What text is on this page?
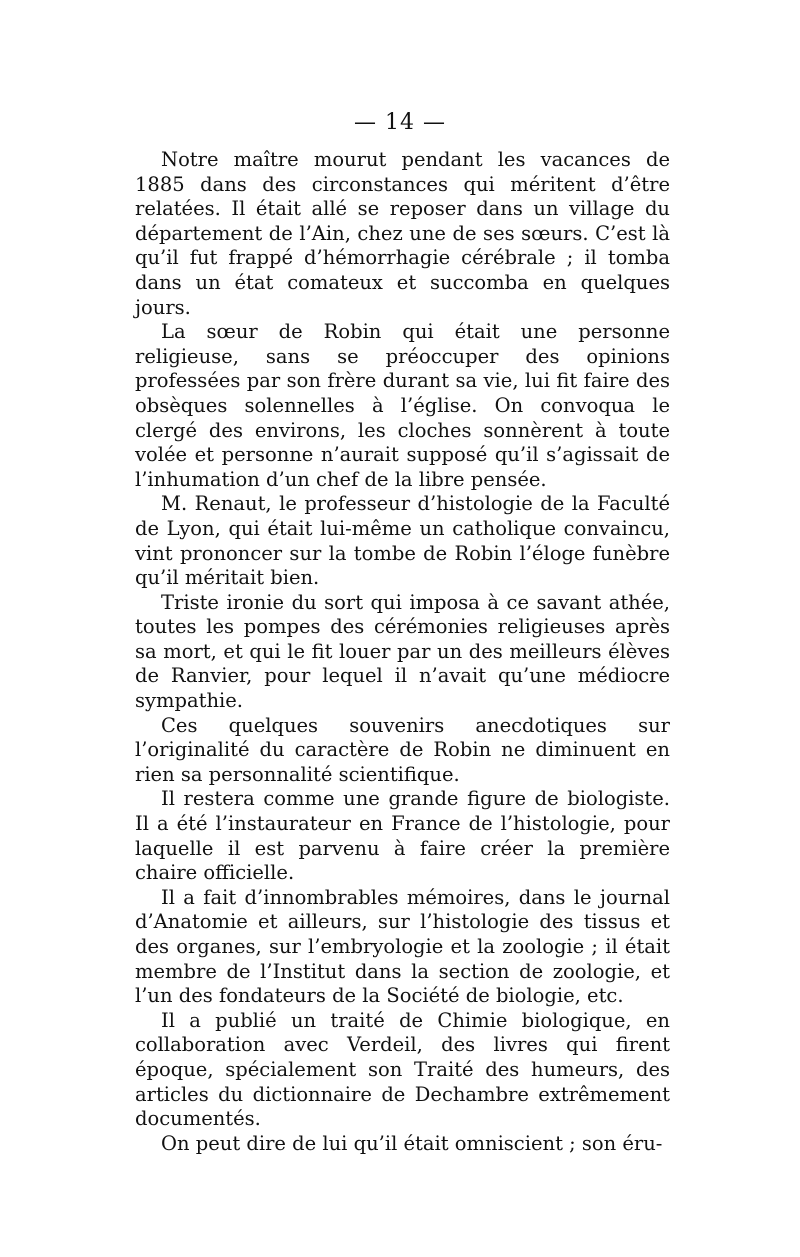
— 14 —

Notre maître mourut pendant les vacances de 1885 dans des circonstances qui méritent d’être relatées. Il était allé se reposer dans un village du département de l’Ain, chez une de ses sœurs. C’est là qu’il fut frappé d’hémorrhagie cérébrale ; il tomba dans un état comateux et succomba en quelques jours.

La sœur de Robin qui était une personne religieuse, sans se préoccuper des opinions professées par son frère durant sa vie, lui fit faire des obsèques solennelles à l’église. On convoqua le clergé des environs, les cloches sonnèrent à toute volée et personne n’aurait supposé qu’il s’agissait de l’inhumation d’un chef de la libre pensée.

M. Renaut, le professeur d’histologie de la Faculté de Lyon, qui était lui-même un catholique convaincu, vint prononcer sur la tombe de Robin l’éloge funèbre qu’il méritait bien.

Triste ironie du sort qui imposa à ce savant athée, toutes les pompes des cérémonies religieuses après sa mort, et qui le fit louer par un des meilleurs élèves de Ranvier, pour lequel il n’avait qu’une médiocre sympathie.

Ces quelques souvenirs anecdotiques sur l’originalité du caractère de Robin ne diminuent en rien sa personnalité scientifique.

Il restera comme une grande figure de biologiste. Il a été l’instaurateur en France de l’histologie, pour laquelle il est parvenu à faire créer la première chaire officielle.

Il a fait d’innombrables mémoires, dans le journal d’Anatomie et ailleurs, sur l’histologie des tissus et des organes, sur l’embryologie et la zoologie ; il était membre de l’Institut dans la section de zoologie, et l’un des fondateurs de la Société de biologie, etc.

Il a publié un traité de Chimie biologique, en collaboration avec Verdeil, des livres qui firent époque, spécialement son Traité des humeurs, des articles du dictionnaire de Dechambre extrêmement documentés.

On peut dire de lui qu’il était omniscient ; son éru-
